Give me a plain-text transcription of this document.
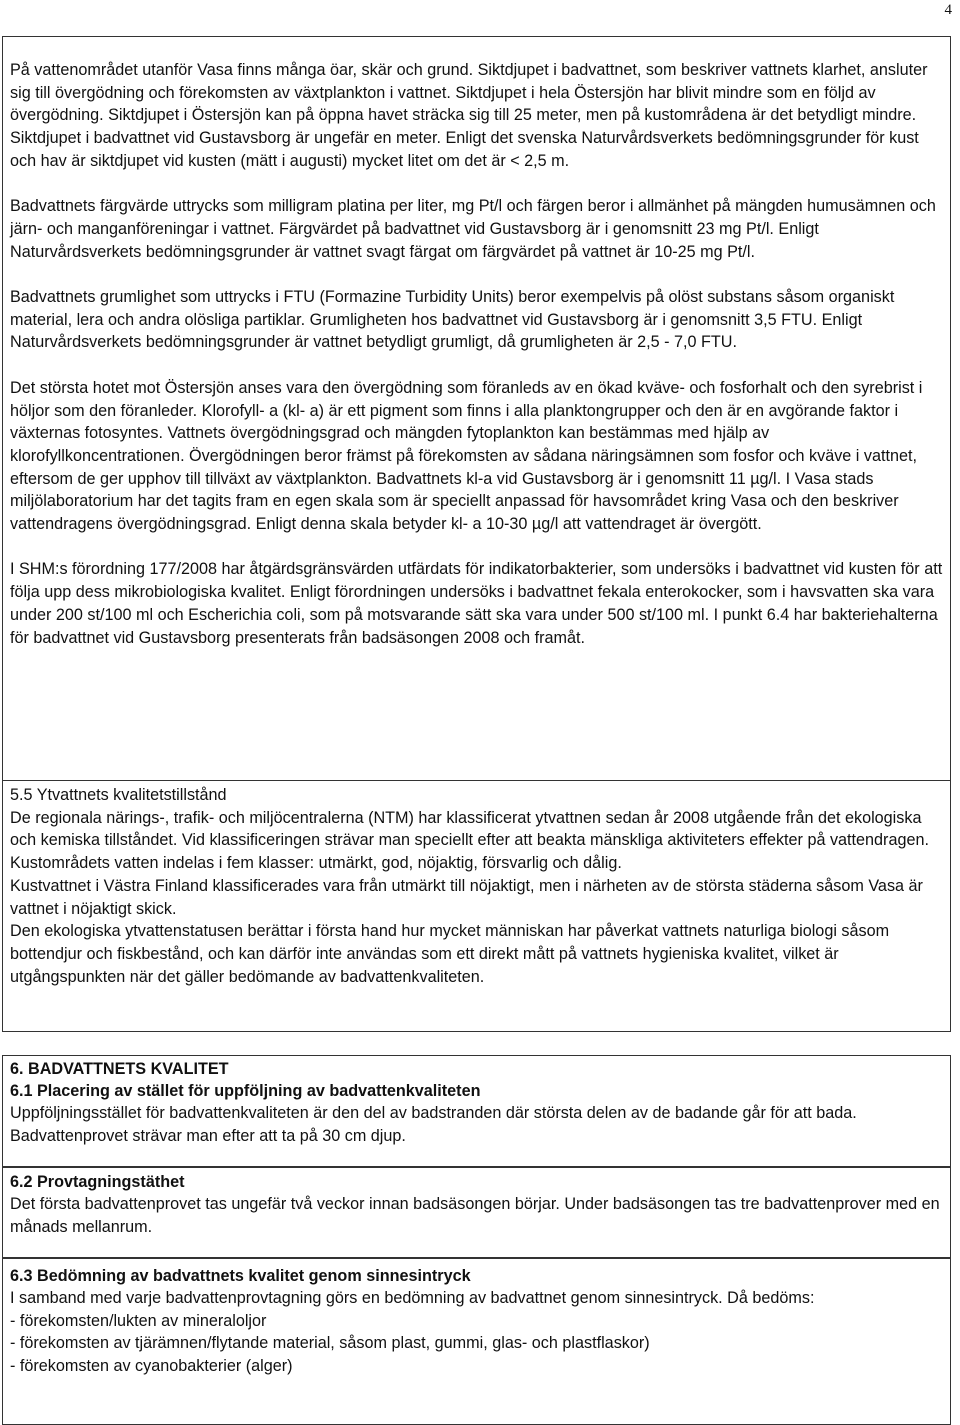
4
På vattenområdet utanför Vasa finns många öar, skär och grund. Siktdjupet i badvattnet, som beskriver vattnets klarhet, ansluter sig till övergödning och förekomsten av växtplankton i vattnet. Siktdjupet i hela Östersjön har blivit mindre som en följd av övergödning. Siktdjupet i Östersjön kan på öppna havet sträcka sig till 25 meter, men på kustområdena är det betydligt mindre. Siktdjupet i badvattnet vid Gustavsborg är ungefär en meter. Enligt det svenska Naturvårdsverkets bedömningsgrunder för kust och hav är siktdjupet vid kusten (mätt i augusti) mycket litet om det är < 2,5 m.
Badvattnets färgvärde uttrycks som milligram platina per liter, mg Pt/l och färgen beror i allmänhet på mängden humusämnen och järn- och manganföreningar i vattnet. Färgvärdet på badvattnet vid Gustavsborg är i genomsnitt 23 mg Pt/l. Enligt Naturvårdsverkets bedömningsgrunder är vattnet svagt färgat om färgvärdet på vattnet är 10-25 mg Pt/l.
Badvattnets grumlighet som uttrycks i FTU (Formazine Turbidity Units) beror exempelvis på olöst substans såsom organiskt material, lera och andra olösliga partiklar. Grumligheten hos badvattnet vid Gustavsborg är i genomsnitt 3,5 FTU. Enligt Naturvårdsverkets bedömningsgrunder är vattnet betydligt grumligt, då grumligheten är 2,5 - 7,0 FTU.
Det största hotet mot Östersjön anses vara den övergödning som föranleds av en ökad kväve- och fosforhalt och den syrebrist i höljor som den föranleder. Klorofyll- a (kl- a) är ett pigment som finns i alla planktongrupper och den är en avgörande faktor i växternas fotosyntes. Vattnets övergödningsgrad och mängden fytoplankton kan bestämmas med hjälp av klorofyllkoncentrationen. Övergödningen beror främst på förekomsten av sådana näringsämnen som fosfor och kväve i vattnet, eftersom de ger upphov till tillväxt av växtplankton. Badvattnets kl-a vid Gustavsborg är i genomsnitt 11 µg/l. I Vasa stads miljölaboratorium har det tagits fram en egen skala som är speciellt anpassad för havsområdet kring Vasa och den beskriver vattendragens övergödningsgrad. Enligt denna skala betyder kl- a 10-30 µg/l att vattendraget är övergött.
I SHM:s förordning 177/2008 har åtgärdsgränsvärden utfärdats för indikatorbakterier, som undersöks i badvattnet vid kusten för att följa upp dess mikrobiologiska kvalitet. Enligt förordningen undersöks i badvattnet fekala enterokocker, som i havsvatten ska vara under 200 st/100 ml och Escherichia coli, som på motsvarande sätt ska vara under 500 st/100 ml. I punkt 6.4 har bakteriehalterna för badvattnet vid Gustavsborg presenterats från badsäsongen 2008 och framåt.
5.5 Ytvattnets kvalitetstillstånd
De regionala närings-, trafik- och miljöcentralerna (NTM) har klassificerat ytvattnen sedan år 2008 utgående från det ekologiska och kemiska tillståndet. Vid klassificeringen strävar man speciellt efter att beakta mänskliga aktiviteters effekter på vattendragen.
Kustområdets vatten indelas i fem klasser: utmärkt, god, nöjaktig, försvarlig och dålig.
Kustvattnet i Västra Finland klassificerades vara från utmärkt till nöjaktigt, men i närheten av de största städerna såsom Vasa är vattnet i nöjaktigt skick.
Den ekologiska ytvattenstatusen berättar i första hand hur mycket människan har påverkat vattnets naturliga biologi såsom bottendjur och fiskbestånd, och kan därför inte användas som ett direkt mått på vattnets hygieniska kvalitet, vilket är utgångspunkten när det gäller bedömande av badvattenkvaliteten.
6. BADVATTNETS KVALITET
6.1 Placering av stället för uppföljning av badvattenkvaliteten
Uppföljningsstället för badvattenkvaliteten är den del av badstranden där största delen av de badande går för att bada. Badvattenprovet strävar man efter att ta på 30 cm djup.
6.2 Provtagningstäthet
Det första badvattenprovet tas ungefär två veckor innan badsäsongen börjar. Under badsäsongen tas tre badvattenprover med en månads mellanrum.
6.3 Bedömning av badvattnets kvalitet genom sinnesintryck
I samband med varje badvattenprovtagning görs en bedömning av badvattnet genom sinnesintryck. Då bedöms:
- förekomsten/lukten av mineraloljor
- förekomsten av tjärämnen/flytande material, såsom plast, gummi, glas- och plastflaskor)
- förekomsten av cyanobakterier (alger)
